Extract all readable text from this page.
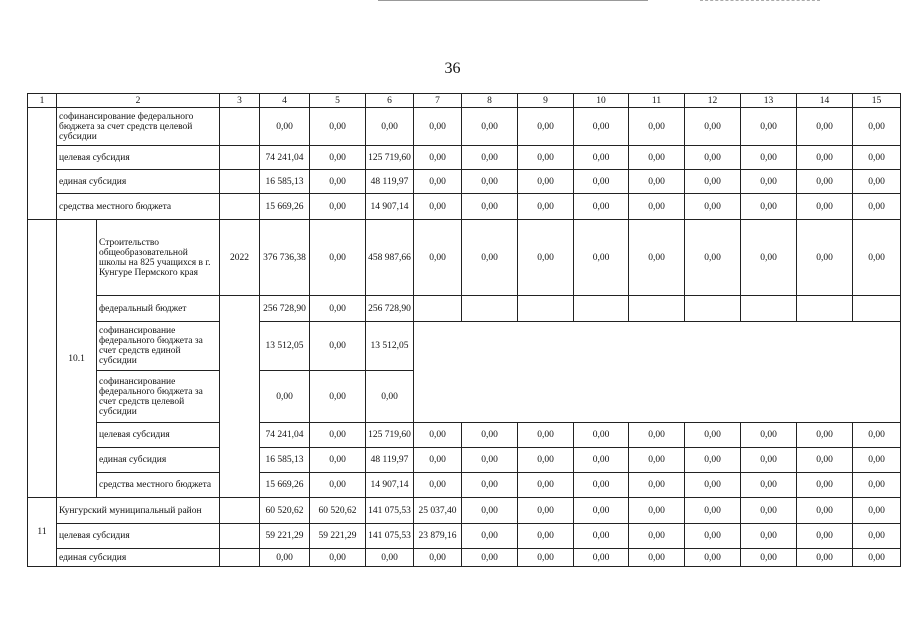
36
1	2		3	4	5	6	7	8	9	10	11	12	13	14	15
	софинансирование федерального бюджета за счет средств целевой субсидии			0,00	0,00	0,00	0,00	0,00	0,00	0,00	0,00	0,00	0,00	0,00	0,00
	целевая субсидия			74 241,04	0,00	125 719,60	0,00	0,00	0,00	0,00	0,00	0,00	0,00	0,00	0,00
	единая субсидия			16 585,13	0,00	48 119,97	0,00	0,00	0,00	0,00	0,00	0,00	0,00	0,00	0,00
	средства местного бюджета			15 669,26	0,00	14 907,14	0,00	0,00	0,00	0,00	0,00	0,00	0,00	0,00	0,00
	10.1	Строительство общеобразовательной школы на 825 учащихся в г. Кунгуре Пермского края	2022	376 736,38	0,00	458 987,66	0,00	0,00	0,00	0,00	0,00	0,00	0,00	0,00	0,00
		федеральный бюджет		256 728,90	0,00	256 728,90									
		софинансирование федерального бюджета за счет средств единой субсидии		13 512,05	0,00	13 512,05									
		софинансирование федерального бюджета за счет средств целевой субсидии		0,00	0,00	0,00									
		целевая субсидия		74 241,04	0,00	125 719,60	0,00	0,00	0,00	0,00	0,00	0,00	0,00	0,00	0,00
		единая субсидия		16 585,13	0,00	48 119,97	0,00	0,00	0,00	0,00	0,00	0,00	0,00	0,00	0,00
		средства местного бюджета		15 669,26	0,00	14 907,14	0,00	0,00	0,00	0,00	0,00	0,00	0,00	0,00	0,00
11	Кунгурский муниципальный район			60 520,62	60 520,62	141 075,53	25 037,40	0,00	0,00	0,00	0,00	0,00	0,00	0,00	0,00
	целевая субсидия			59 221,29	59 221,29	141 075,53	23 879,16	0,00	0,00	0,00	0,00	0,00	0,00	0,00	0,00
	единая субсидия			0,00	0,00	0,00	0,00	0,00	0,00	0,00	0,00	0,00	0,00	0,00	0,00
